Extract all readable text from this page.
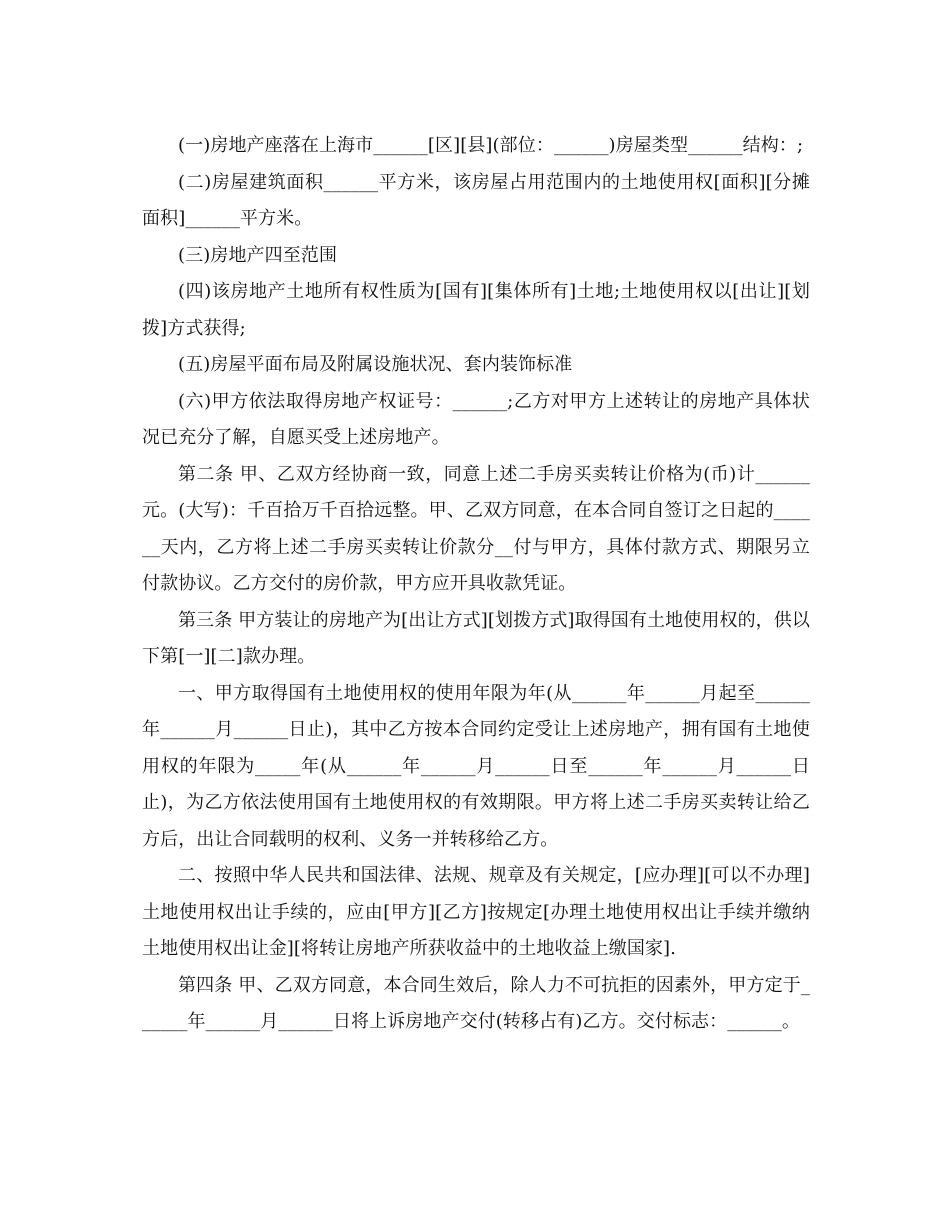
(一)房地产座落在上海市______[区][县](部位：______)房屋类型______结构：;

(二)房屋建筑面积______平方米，该房屋占用范围内的土地使用权[面积][分摊面积]______平方米。

(三)房地产四至范围

(四)该房地产土地所有权性质为[国有][集体所有]土地;土地使用权以[出让][划拨]方式获得;

(五)房屋平面布局及附属设施状况、套内装饰标准

(六)甲方依法取得房地产权证号：______;乙方对甲方上述转让的房地产具体状况已充分了解，自愿买受上述房地产。

第二条 甲、乙双方经协商一致，同意上述二手房买卖转让价格为(币)计______元。(大写)：千百拾万千百拾远整。甲、乙双方同意，在本合同自签订之日起的______天内，乙方将上述二手房买卖转让价款分__付与甲方，具体付款方式、期限另立付款协议。乙方交付的房价款，甲方应开具收款凭证。

第三条 甲方装让的房地产为[出让方式][划拨方式]取得国有土地使用权的，供以下第[一][二]款办理。

一、甲方取得国有土地使用权的使用年限为年(从______年______月起至______年______月______日止)，其中乙方按本合同约定受让上述房地产，拥有国有土地使用权的年限为_____年(从______年______月______日至______年______月______日止)，为乙方依法使用国有土地使用权的有效期限。甲方将上述二手房买卖转让给乙方后，出让合同载明的权利、义务一并转移给乙方。

二、按照中华人民共和国法律、法规、规章及有关规定，[应办理][可以不办理]土地使用权出让手续的，应由[甲方][乙方]按规定[办理土地使用权出让手续并缴纳土地使用权出让金][将转让房地产所获收益中的土地收益上缴国家].

第四条 甲、乙双方同意，本合同生效后，除人力不可抗拒的因素外，甲方定于______年______月______日将上诉房地产交付(转移占有)乙方。交付标志：______。
